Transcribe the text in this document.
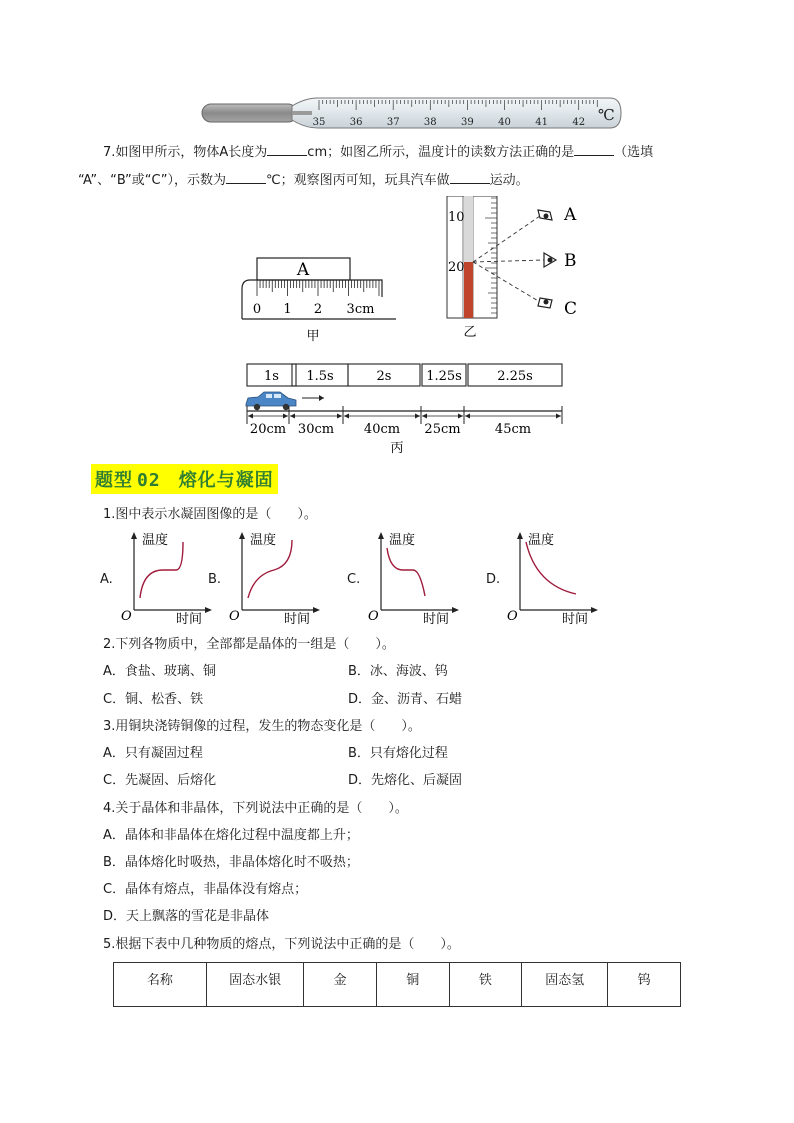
35 36 37 38 39 40 41 42 ℃
7.如图甲所示，物体A长度为	cm；如图乙所示，温度计的读数方法正确的是	（选填
“A”、“B”或“C”），示数为	℃；观察图丙可知，玩具汽车做	运动。
A
0 1 2 3cm
甲
10
20
A
B
C
乙
1s 1.5s	2s	1.25s	2.25s
20cm 30cm 40cm 25cm	45cm
丙
题型 02 熔化与凝固
1.图中表示水凝固图像的是（　　）。
A.
温度
时间
O
B.
温度
时间
O
C.
温度
时间
O
D.
温度
时间
O
2.下列各物质中，全部都是晶体的一组是（　　）。
A．食盐、玻璃、铜	B．冰、海波、钨
C．铜、松香、铁	D．金、沥青、石蜡
3.用铜块浇铸铜像的过程，发生的物态变化是（　　）。
A．只有凝固过程	B．只有熔化过程
C．先凝固、后熔化	D．先熔化、后凝固
4.关于晶体和非晶体，下列说法中正确的是（　　）。
A．晶体和非晶体在熔化过程中温度都上升；
B．晶体熔化时吸热，非晶体熔化时不吸热；
C．晶体有熔点，非晶体没有熔点；
D．天上飘落的雪花是非晶体
5.根据下表中几种物质的熔点，下列说法中正确的是（　　）。
名称	固态水银	金	铜	铁	固态氢	钨
